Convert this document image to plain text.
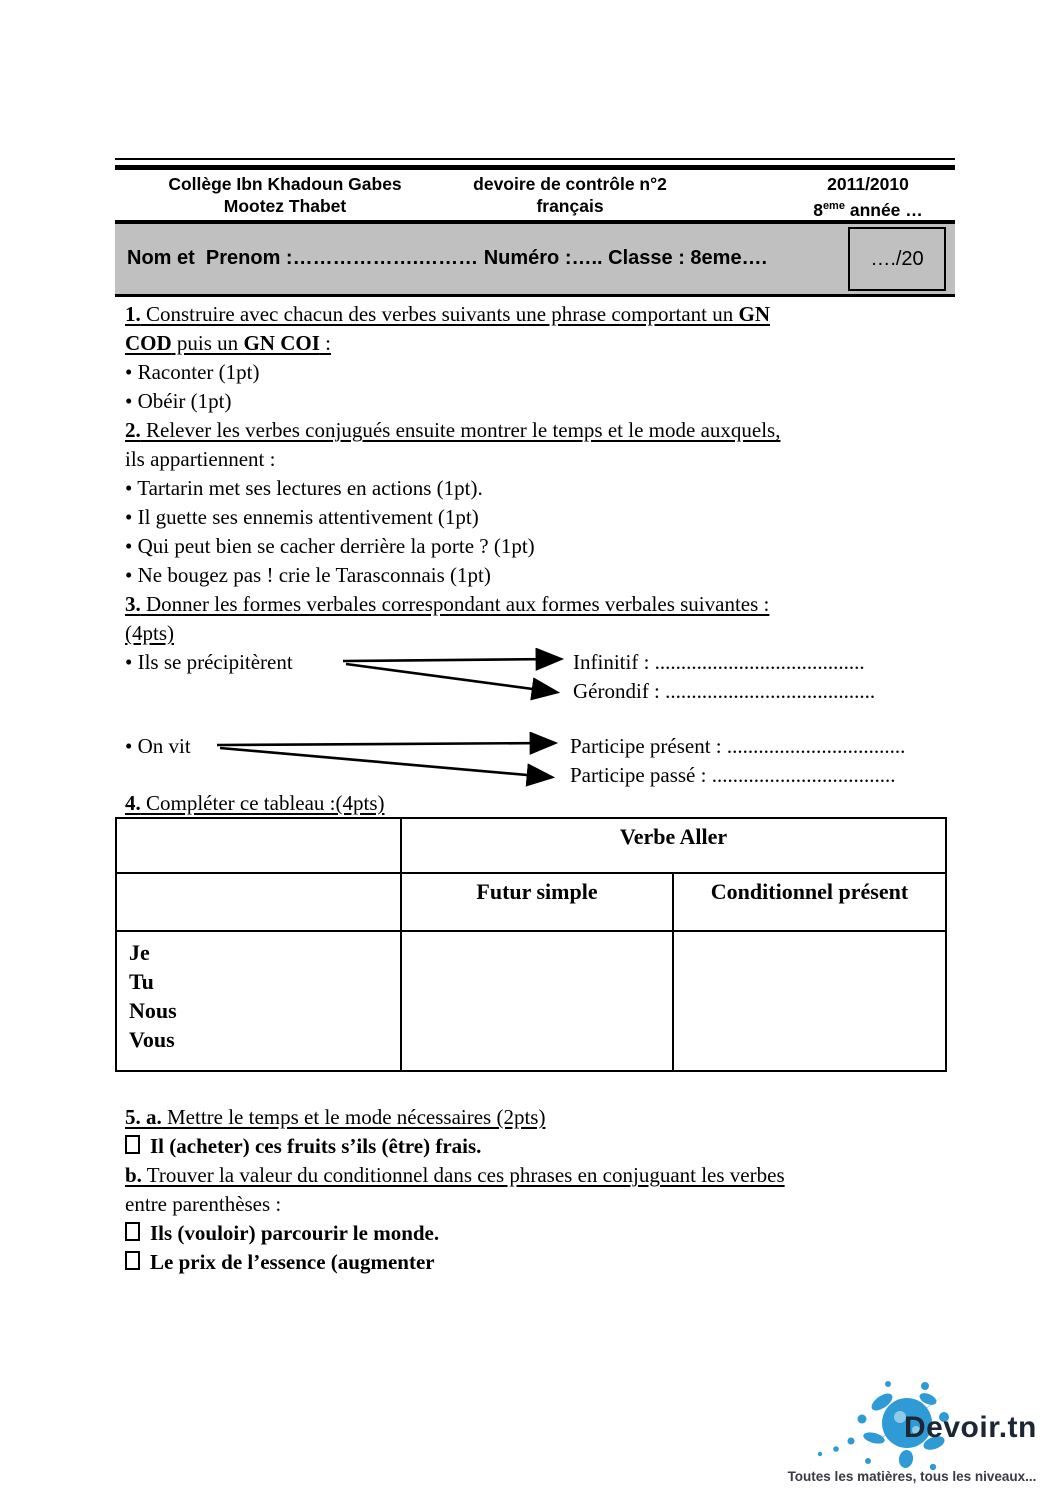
Collège Ibn Khadoun Gabes
Mootez Thabet
devoire de contrôle n°2
français
2011/2010
8eme année …
Nom et  Prenom :……………….……… Numéro :….. Classe : 8eme….	…./20
1. Construire avec chacun des verbes suivants une phrase comportant un GN
COD puis un GN COI :
• Raconter (1pt)
• Obéir (1pt)
2. Relever les verbes conjugués ensuite montrer le temps et le mode auxquels,
ils appartiennent :
• Tartarin met ses lectures en actions (1pt).
• Il guette ses ennemis attentivement (1pt)
• Qui peut bien se cacher derrière la porte ? (1pt)
• Ne bougez pas ! crie le Tarasconnais (1pt)
3. Donner les formes verbales correspondant aux formes verbales suivantes :
(4pts)
• Ils se précipitèrent	Infinitif : ........................................
Gérondif : ........................................
• On vit	Participe présent : ..................................
Participe passé : ...................................
4. Compléter ce tableau :(4pts)
	Verbe Aller	
	Futur simple	Conditionnel présent

Je
Tu
Nous
Vous		

5. a. Mettre le temps et le mode nécessaires (2pts)
Il (acheter) ces fruits s’ils (être) frais.
b. Trouver la valeur du conditionnel dans ces phrases en conjuguant les verbes
entre parenthèses :
Ils (vouloir) parcourir le monde.
Le prix de l’essence (augmenter
Devoir.tn
Toutes les matières, tous les niveaux...
